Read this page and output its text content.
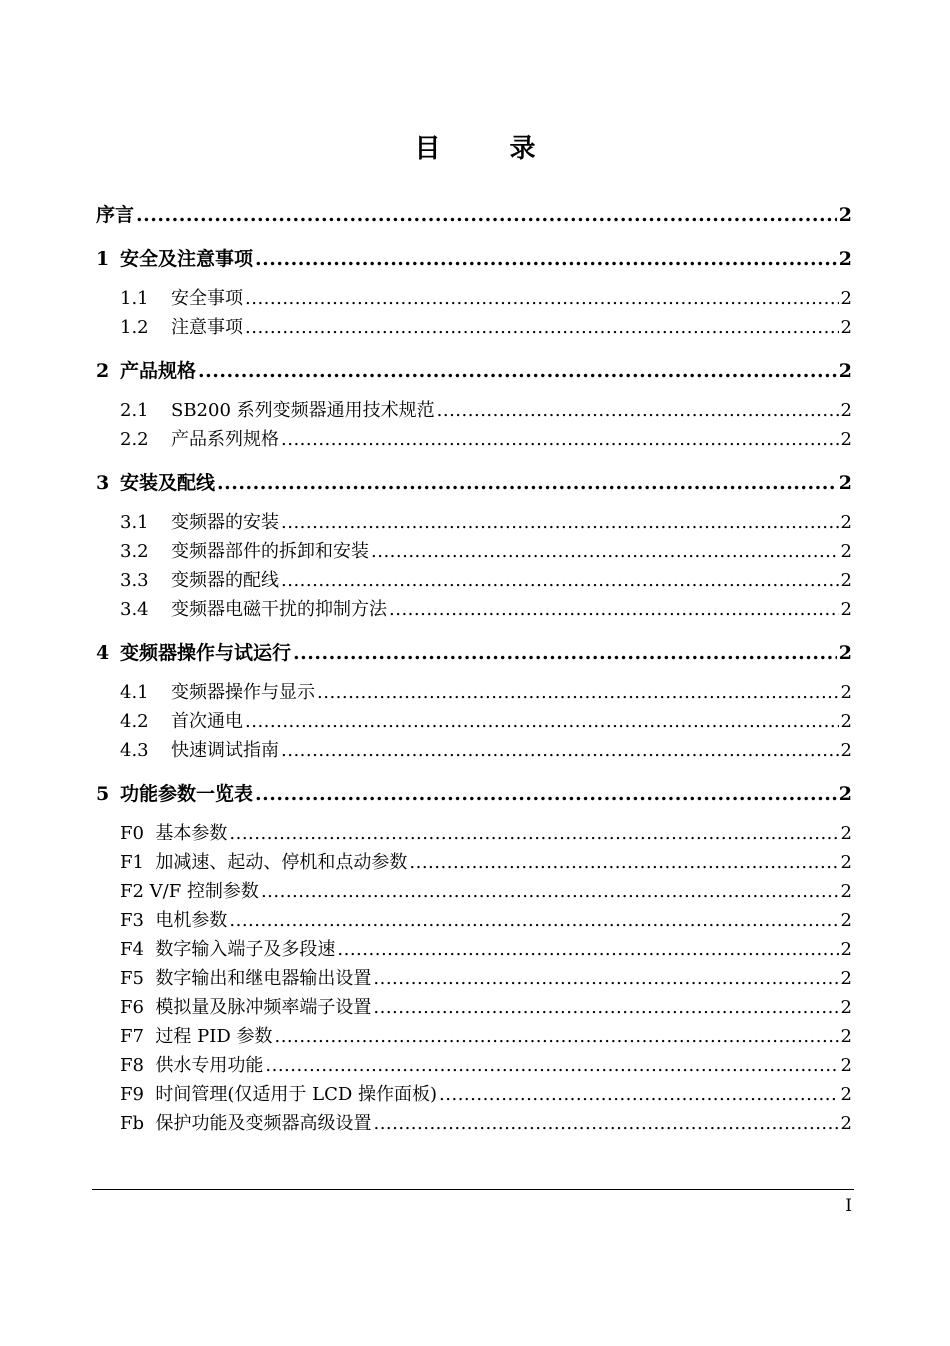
目 录
序言 .....	2
1 安全及注意事项 .....	2
1.1 安全事项 .....	2
1.2 注意事项 .....	2
2 产品规格 .....	2
2.1 SB200 系列变频器通用技术规范 .....	2
2.2 产品系列规格 .....	2
3 安装及配线 .....	2
3.1 变频器的安装 .....	2
3.2 变频器部件的拆卸和安装 .....	2
3.3 变频器的配线 .....	2
3.4 变频器电磁干扰的抑制方法 .....	2
4 变频器操作与试运行 .....	2
4.1 变频器操作与显示 .....	2
4.2 首次通电 .....	2
4.3 快速调试指南 .....	2
5 功能参数一览表 .....	2
F0  基本参数 .....	2
F1  加减速、起动、停机和点动参数 .....	2
F2 V/F 控制参数 .....	2
F3  电机参数 .....	2
F4  数字输入端子及多段速 .....	2
F5  数字输出和继电器输出设置 .....	2
F6  模拟量及脉冲频率端子设置 .....	2
F7  过程 PID 参数 .....	2
F8  供水专用功能 .....	2
F9  时间管理(仅适用于 LCD 操作面板) .....	2
Fb  保护功能及变频器高级设置 .....	2
I
